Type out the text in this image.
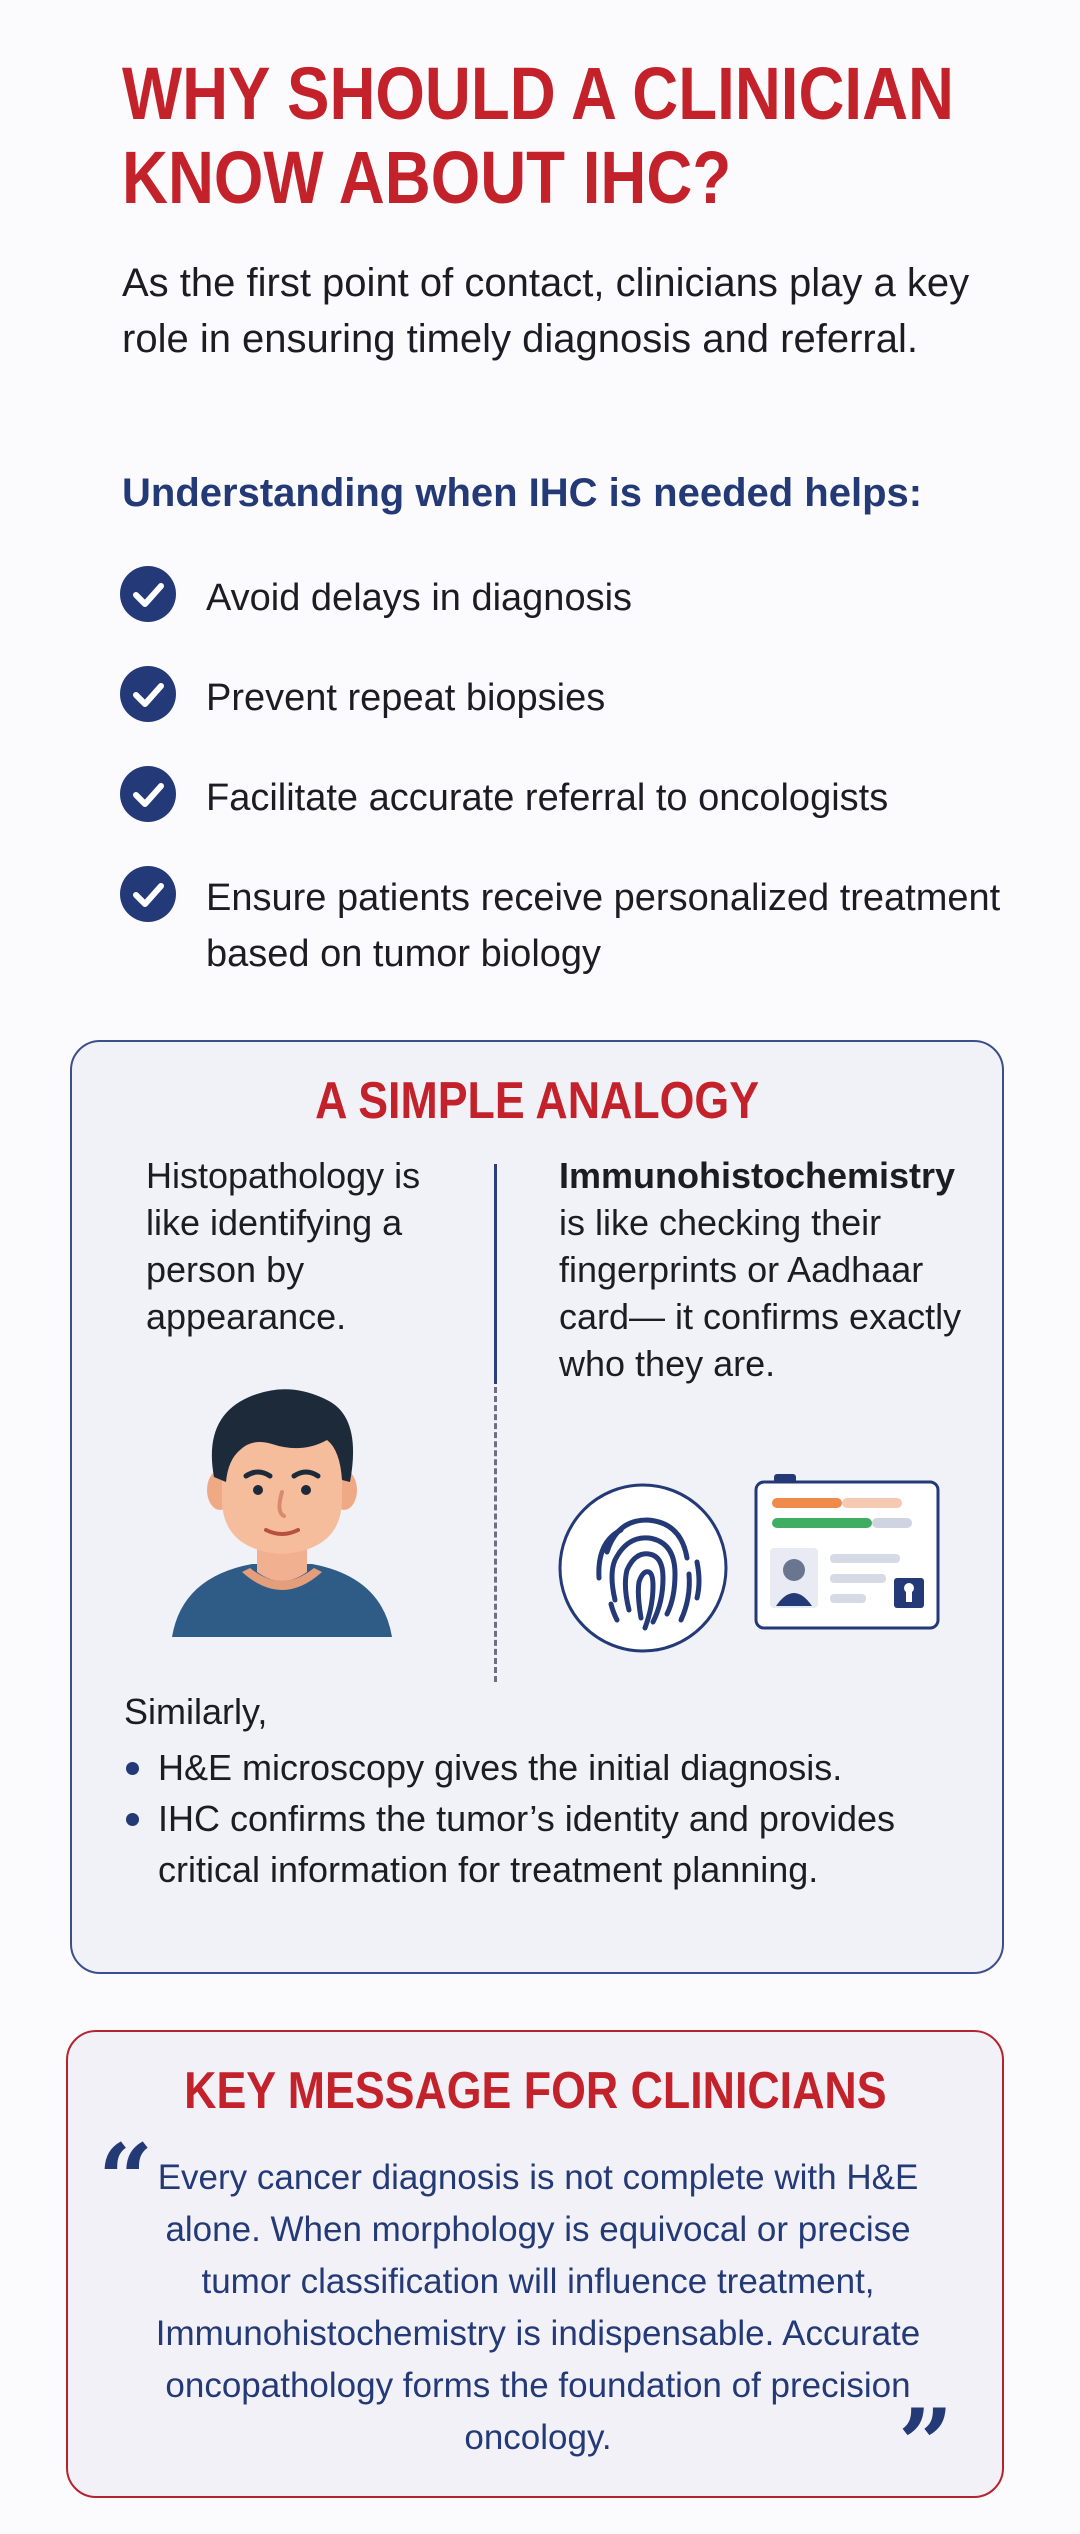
WHY SHOULD A CLINICIAN KNOW ABOUT IHC?
As the first point of contact, clinicians play a key role in ensuring timely diagnosis and referral.
Understanding when IHC is needed helps:
Avoid delays in diagnosis
Prevent repeat biopsies
Facilitate accurate referral to oncologists
Ensure patients receive personalized treatment based on tumor biology
A SIMPLE ANALOGY
Histopathology is like identifying a person by appearance.
Immunohistochemistry
is like checking their fingerprints or Aadhaar card— it confirms exactly who they are.
Similarly,
H&E microscopy gives the initial diagnosis.
IHC confirms the tumor’s identity and provides critical information for treatment planning.
KEY MESSAGE FOR CLINICIANS
“ Every cancer diagnosis is not complete with H&E alone. When morphology is equivocal or precise tumor classification will influence treatment, Immunohistochemistry is indispensable. Accurate oncopathology forms the foundation of precision oncology.	”
